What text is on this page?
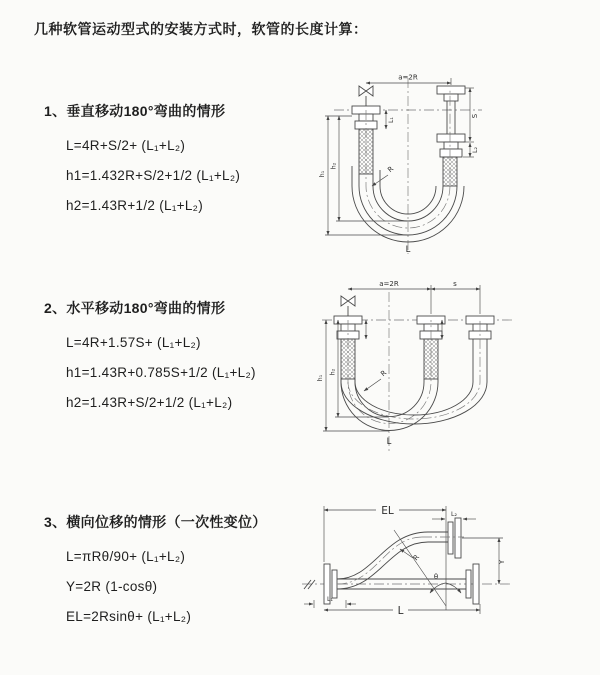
几种软管运动型式的安装方式时，软管的长度计算：
1、垂直移动180°弯曲的情形
L=4R+S/2+ (L₁+L₂)
h1=1.432R+S/2+1/2 (L₁+L₂)
h2=1.43R+1/2 (L₁+L₂)
2、水平移动180°弯曲的情形
L=4R+1.57S+ (L₁+L₂)
h1=1.43R+0.785S+1/2 (L₁+L₂)
h2=1.43R+S/2+1/2 (L₁+L₂)
3、横向位移的情形（一次性变位）
L=πRθ/90+ (L₁+L₂)
Y=2R (1-cosθ)
EL=2Rsinθ+ (L₁+L₂)
a=2R
L₁
S
L₂
h₁
h₂	R
L
a=2R	s
h₁
h₂	R
L
EL	L₂
θ
R	Y
L₁
L
